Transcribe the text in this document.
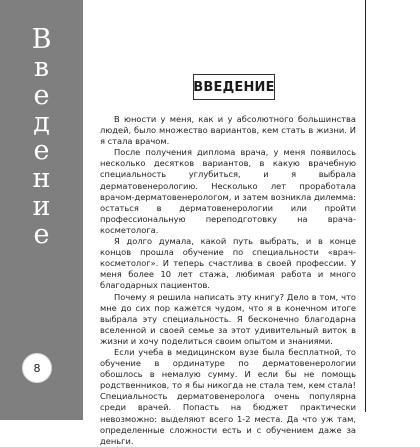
В
в
е
д
е
н
и
е
8
ВВЕДЕНИЕ

В юности у меня, как и у абсолютного большинства людей, было множество вариантов, кем стать в жизни. И я стала врачом.

После получения диплома врача, у меня появилось несколько десятков вариантов, в какую врачебную специальность углубиться, и я выбрала дерматовенерологию. Несколько лет проработала врачом-дерматовенерологом, и затем возникла дилемма: остаться в дерматовенерологии или пройти профессиональную переподготовку на врача-косметолога.

Я долго думала, какой путь выбрать, и в конце концов прошла обучение по специальности «врач-косметолог». И теперь счастлива в своей профессии. У меня более 10 лет стажа, любимая работа и много благодарных пациентов.

Почему я решила написать эту книгу? Дело в том, что мне до сих пор кажется чудом, что я в конечном итоге выбрала эту специальность. Я бесконечно благодарна вселенной и своей семье за этот удивительный виток в жизни и хочу поделиться своим опытом и знаниями.

Если учеба в медицинском вузе была бесплатной, то обучение в ординатуре по дерматовенерологии обошлось в немалую сумму. И если бы не помощь родственников, то я бы никогда не стала тем, кем стала! Специальность дерматовенеролога очень популярна среди врачей. Попасть на бюджет практически невозможно: выделяют всего 1-2 места. Да что уж там, определенные сложности есть и с обучением даже за деньги.
